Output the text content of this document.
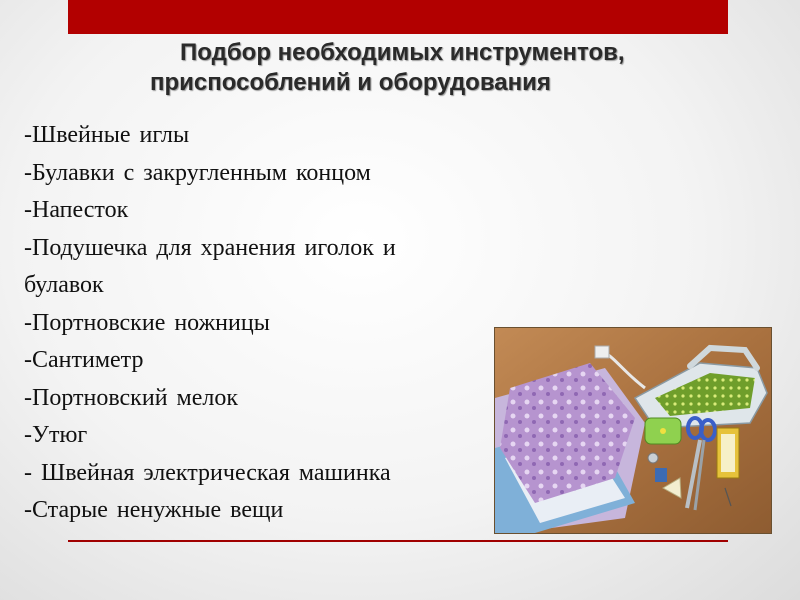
Подбор необходимых инструментов,
приспособлений и оборудования
-Швейные иглы
-Булавки с закругленным концом
-Напесток
-Подушечка для хранения иголок и
булавок
-Портновские ножницы
-Сантиметр
-Портновский мелок
-Утюг
- Швейная электрическая машинка
-Старые ненужные вещи
